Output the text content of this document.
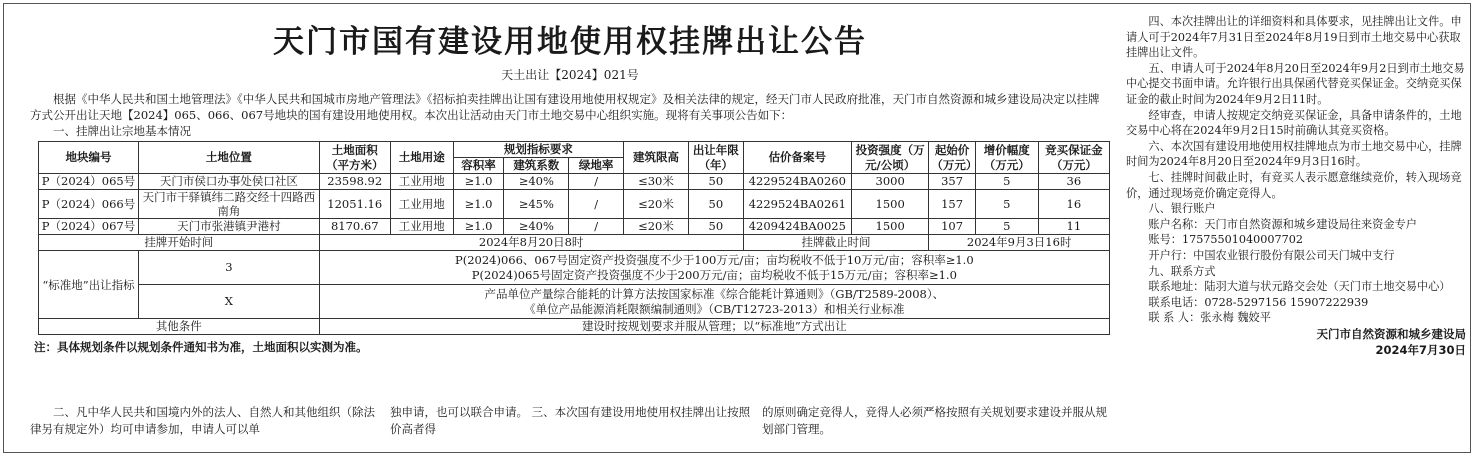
天门市国有建设用地使用权挂牌出让公告
天土出让【2024】021号
根据《中华人民共和国土地管理法》《中华人民共和国城市房地产管理法》《招标拍卖挂牌出让国有建设用地使用权规定》及相关法律的规定，经天门市人民政府批准，天门市自然资源和城乡建设局决定以挂牌方式公开出让天地【2024】065、066、067号地块的国有建设用地使用权。本次出让活动由天门市土地交易中心组织实施。现将有关事项公告如下：
一、挂牌出让宗地基本情况
地块编号	土地位置	土地面积（平方米）	土地用途	规划指标要求			建筑限高	出让年限（年）	估价备案号	投资强度（万元/公顷）	起始价（万元）	增价幅度（万元）	竞买保证金（万元）
				容积率	建筑系数	绿地率							
P（2024）065号	天门市侯口办事处侯口社区	23598.92	工业用地	≥1.0	≥40%	/	≤30米	50	4229524BA0260	3000	357	5	36
P（2024）066号	天门市干驿镇纬二路交经十四路西南角	12051.16	工业用地	≥1.0	≥45%	/	≤20米	50	4229524BA0261	1500	157	5	16
P（2024）067号	天门市张港镇尹港村	8170.67	工业用地	≥1.0	≥40%	/	≤20米	50	4209424BA0025	1500	107	5	11
挂牌开始时间		2024年8月20日8时							挂牌截止时间		2024年9月3日16时		
“标准地”出让指标	3	P(2024)066、067号固定资产投资强度不少于100万元/亩；亩均税收不低于10万元/亩；容积率≥1.0
P(2024)065号固定资产投资强度不少于200万元/亩；亩均税收不低于15万元/亩；容积率≥1.0											

	X	产品单位产量综合能耗的计算方法按国家标准《综合能耗计算通则》（GB/T2589-2008）、
《单位产品能源消耗限额编制通则》（CB/T12723-2013）和相关行业标准											

其他条件		建设时按规划要求并服从管理；以“标准地”方式出让											
注：具体规划条件以规划条件通知书为准，土地面积以实测为准。
二、凡中华人民共和国境内外的法人、自然人和其他组织（除法律另有规定外）均可申请参加，申请人可以单
独申请，也可以联合申请。 三、本次国有建设用地使用权挂牌出让按照价高者得
的原则确定竞得人，竞得人必须严格按照有关规划要求建设并服从规划部门管理。

四、本次挂牌出让的详细资料和具体要求，见挂牌出让文件。申请人可于2024年7月31日至2024年8月19日到市土地交易中心获取挂牌出让文件。

五、申请人可于2024年8月20日至2024年9月2日到市土地交易中心提交书面申请。允许银行出具保函代替竞买保证金。交纳竞买保证金的截止时间为2024年9月2日11时。

经审查，申请人按规定交纳竞买保证金，具备申请条件的，土地交易中心将在2024年9月2日15时前确认其竞买资格。

六、本次国有建设用地使用权挂牌地点为市土地交易中心，挂牌时间为2024年8月20日至2024年9月3日16时。

七、挂牌时间截止时，有竞买人表示愿意继续竞价，转入现场竞价，通过现场竞价确定竞得人。

八、银行账户

账户名称：天门市自然资源和城乡建设局往来资金专户

账号：17575501040007702

开户行：中国农业银行股份有限公司天门城中支行

九、联系方式

联系地址：陆羽大道与状元路交会处（天门市土地交易中心）

联系电话：0728-5297156 15907222939

联 系 人：张永梅 魏姣平

天门市自然资源和城乡建设局
2024年7月30日
